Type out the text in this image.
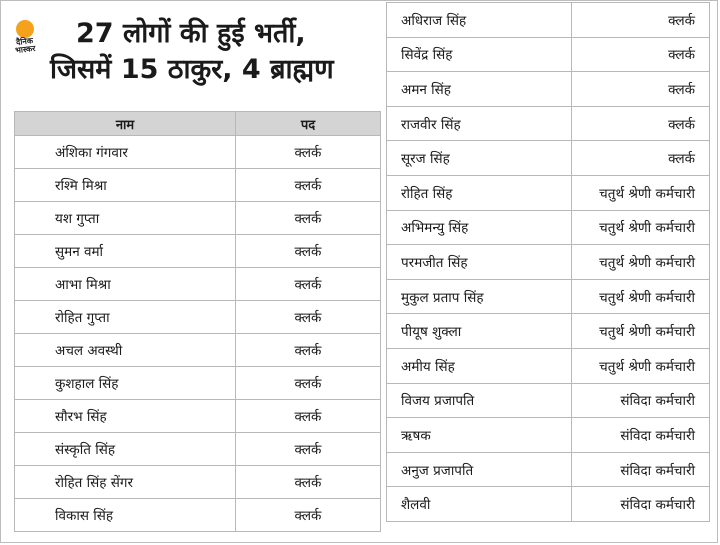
दैनिक भास्कर
27 लोगों की हुई भर्ती,
जिसमें 15 ठाकुर, 4 ब्राह्मण
नाम	पद
अंशिका गंगवार	क्लर्क
रश्मि मिश्रा	क्लर्क
यश गुप्ता	क्लर्क
सुमन वर्मा	क्लर्क
आभा मिश्रा	क्लर्क
रोहित गुप्ता	क्लर्क
अचल अवस्थी	क्लर्क
कुशहाल सिंह	क्लर्क
सौरभ सिंह	क्लर्क
संस्कृति सिंह	क्लर्क
रोहित सिंह सेंगर	क्लर्क
विकास सिंह	क्लर्क
अधिराज सिंह	क्लर्क
सिवेंद्र सिंह	क्लर्क
अमन सिंह	क्लर्क
राजवीर सिंह	क्लर्क
सूरज सिंह	क्लर्क
रोहित सिंह	चतुर्थ श्रेणी कर्मचारी
अभिमन्यु सिंह	चतुर्थ श्रेणी कर्मचारी
परमजीत सिंह	चतुर्थ श्रेणी कर्मचारी
मुकुल प्रताप सिंह	चतुर्थ श्रेणी कर्मचारी
पीयूष शुक्ला	चतुर्थ श्रेणी कर्मचारी
अमीय सिंह	चतुर्थ श्रेणी कर्मचारी
विजय प्रजापति	संविदा कर्मचारी
ऋषक	संविदा कर्मचारी
अनुज प्रजापति	संविदा कर्मचारी
शैलवी	संविदा कर्मचारी
